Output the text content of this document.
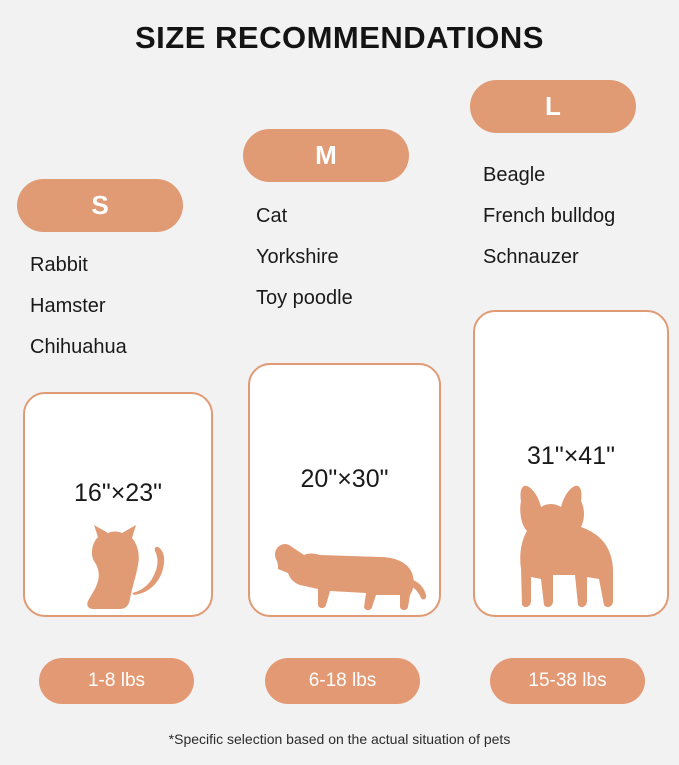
SIZE RECOMMENDATIONS
S
Rabbit
Hamster
Chihuahua
16"×23"
1-8 lbs
M
Cat
Yorkshire
Toy poodle
20"×30"
6-18 lbs
L
Beagle
French bulldog
Schnauzer
31"×41"
15-38 lbs
*Specific selection based on the actual situation of pets
